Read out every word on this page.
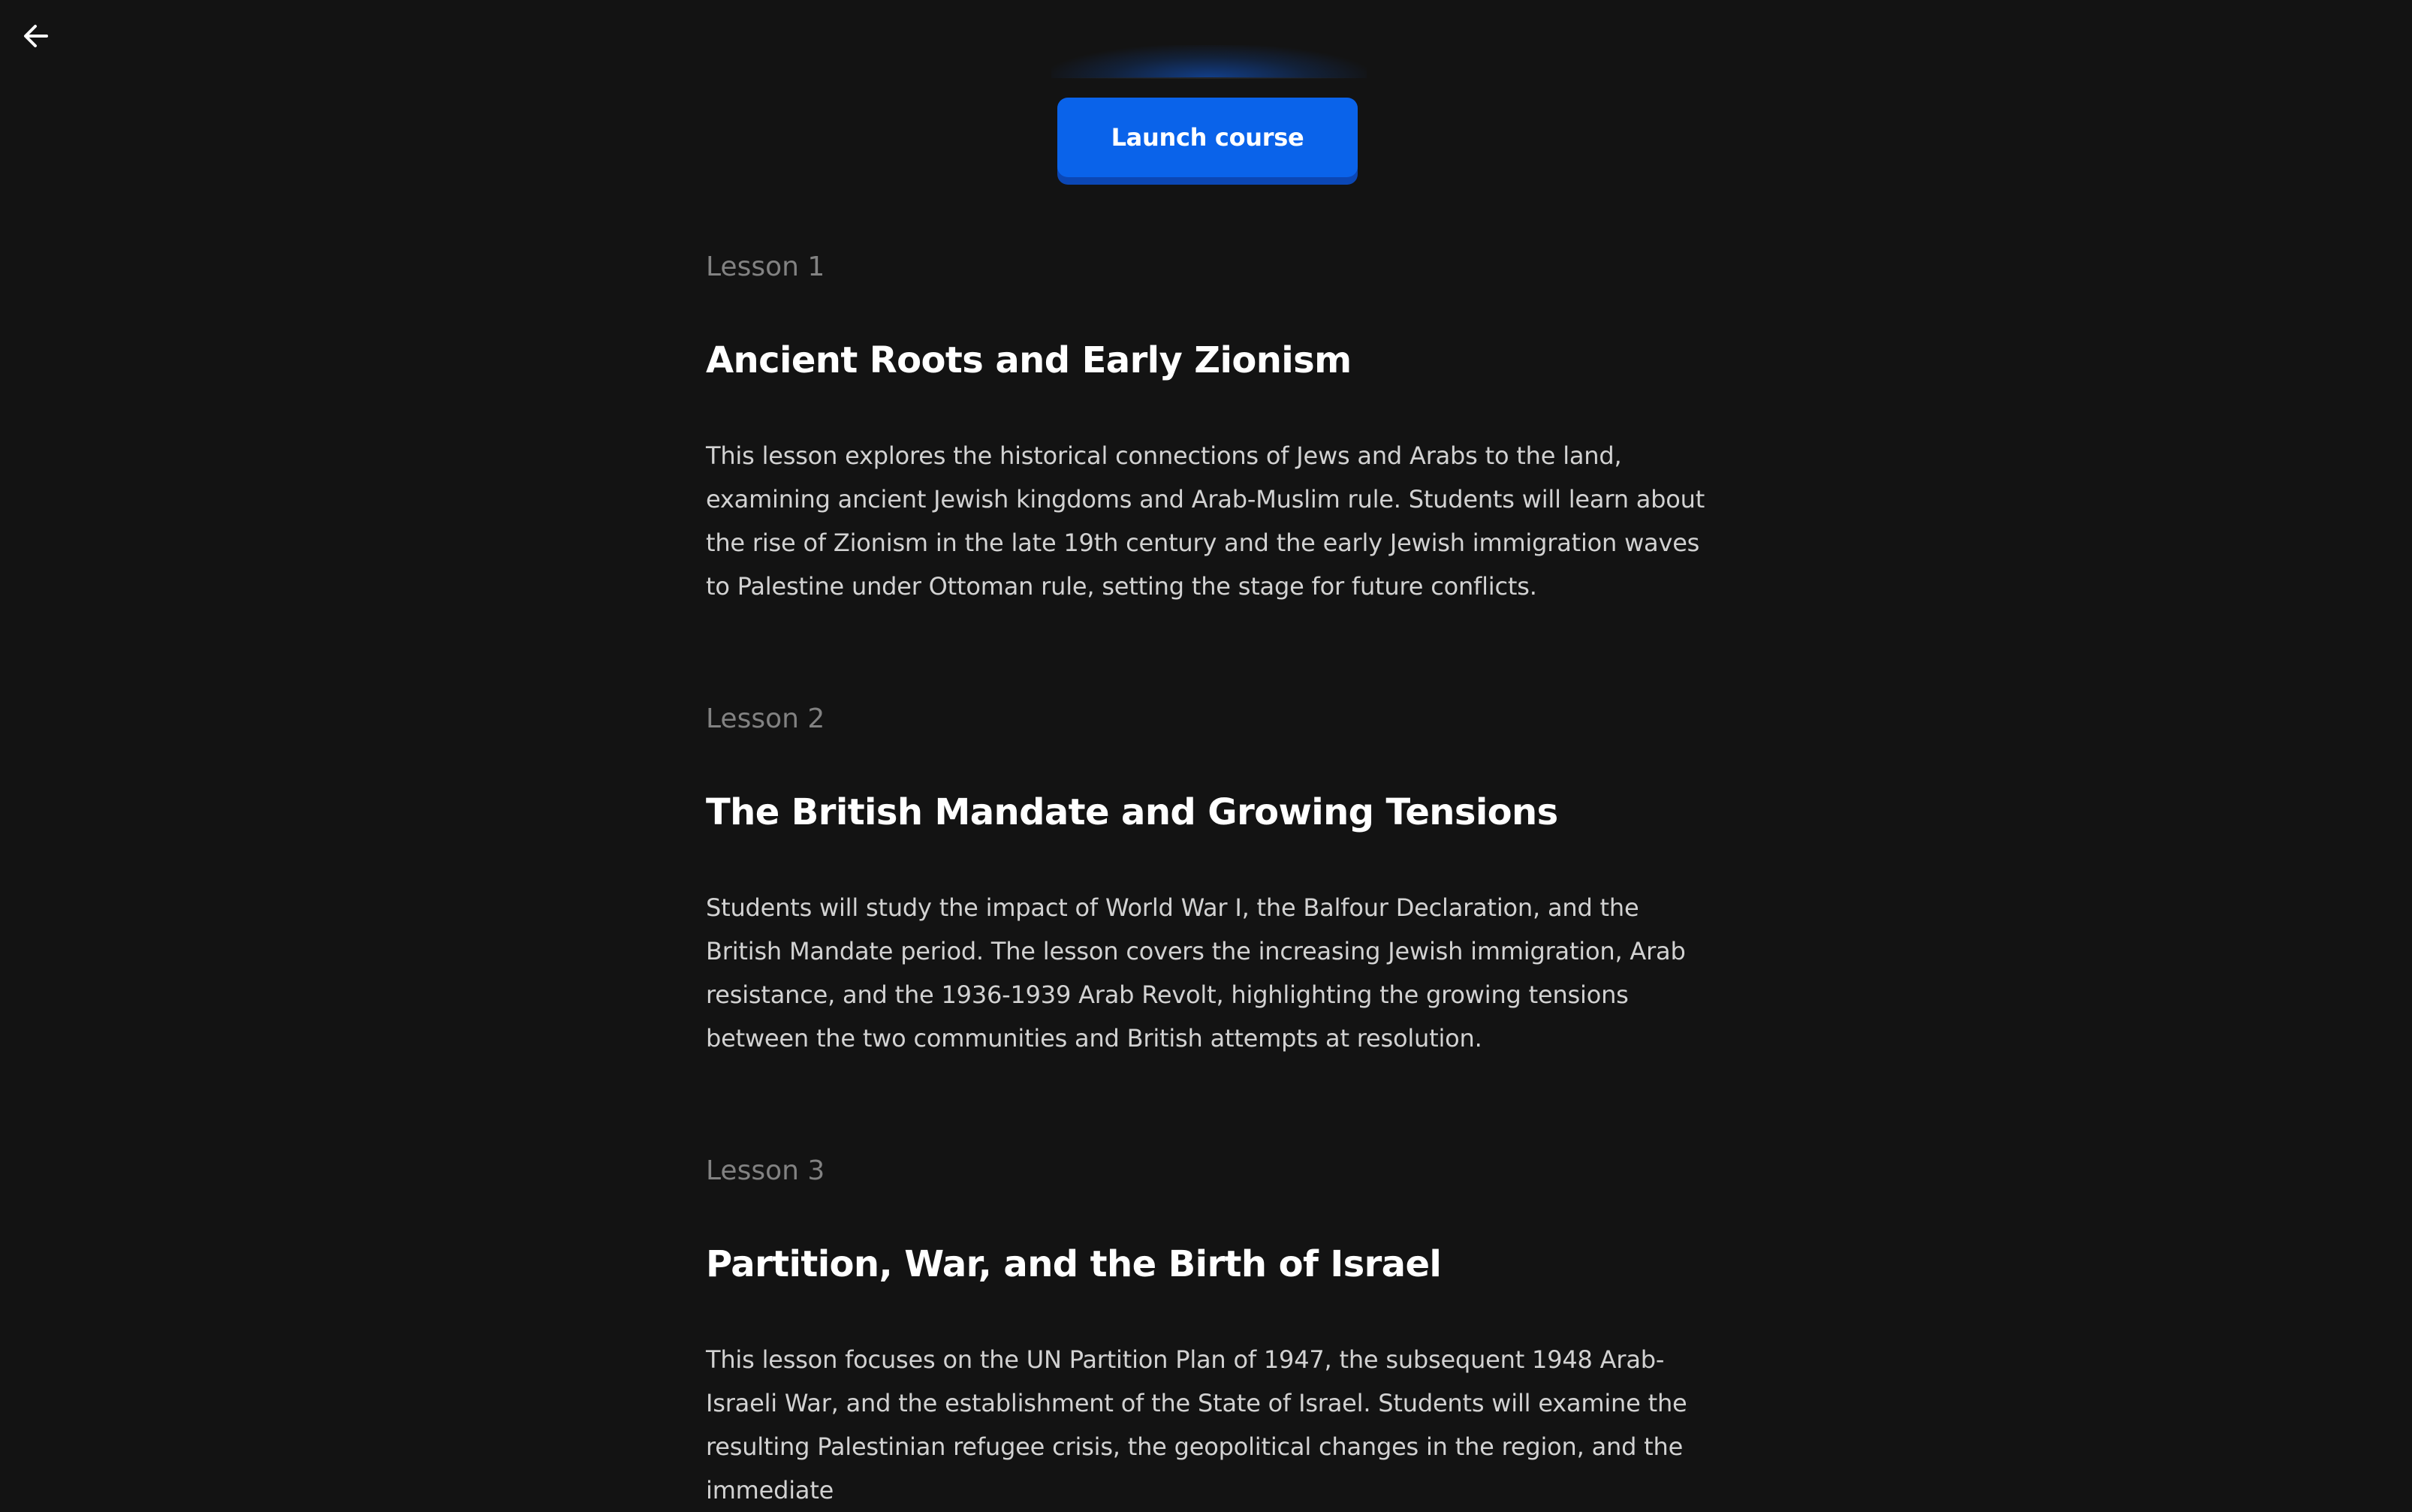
Launch course
Lesson 1
Ancient Roots and Early Zionism

This lesson explores the historical connections of Jews and Arabs to the land, examining ancient Jewish kingdoms and Arab-Muslim rule. Students will learn about the rise of Zionism in the late 19th century and the early Jewish immigration waves to Palestine under Ottoman rule, setting the stage for future conflicts.

Lesson 2
The British Mandate and Growing Tensions

Students will study the impact of World War I, the Balfour Declaration, and the British Mandate period. The lesson covers the increasing Jewish immigration, Arab resistance, and the 1936-1939 Arab Revolt, highlighting the growing tensions between the two communities and British attempts at resolution.

Lesson 3
Partition, War, and the Birth of Israel

This lesson focuses on the UN Partition Plan of 1947, the subsequent 1948 Arab-Israeli War, and the establishment of the State of Israel. Students will examine the resulting Palestinian refugee crisis, the geopolitical changes in the region, and the immediate
